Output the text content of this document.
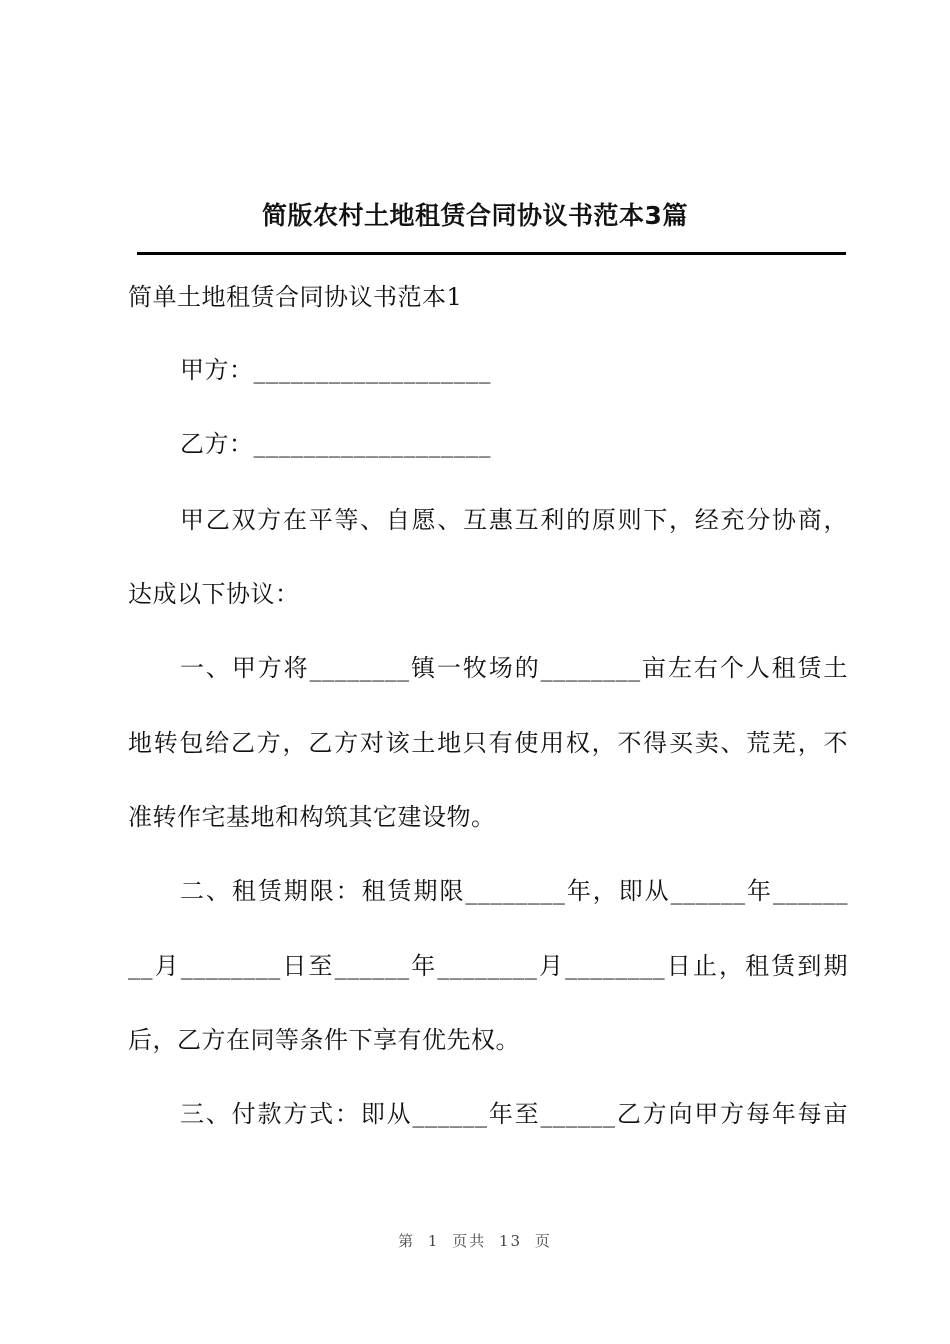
简版农村土地租赁合同协议书范本3篇
简单土地租赁合同协议书范本1
甲方：___________________
乙方：___________________
甲乙双方在平等、自愿、互惠互利的原则下，经充分协商，
达成以下协议：
一、甲方将________镇一牧场的________亩左右个人租赁土
地转包给乙方，乙方对该土地只有使用权，不得买卖、荒芜，不
准转作宅基地和构筑其它建设物。
二、租赁期限：租赁期限________年，即从______年______
__月________日至______年________月________日止，租赁到期
后，乙方在同等条件下享有优先权。
三、付款方式：即从______年至______乙方向甲方每年每亩
第 1 页共 13 页
